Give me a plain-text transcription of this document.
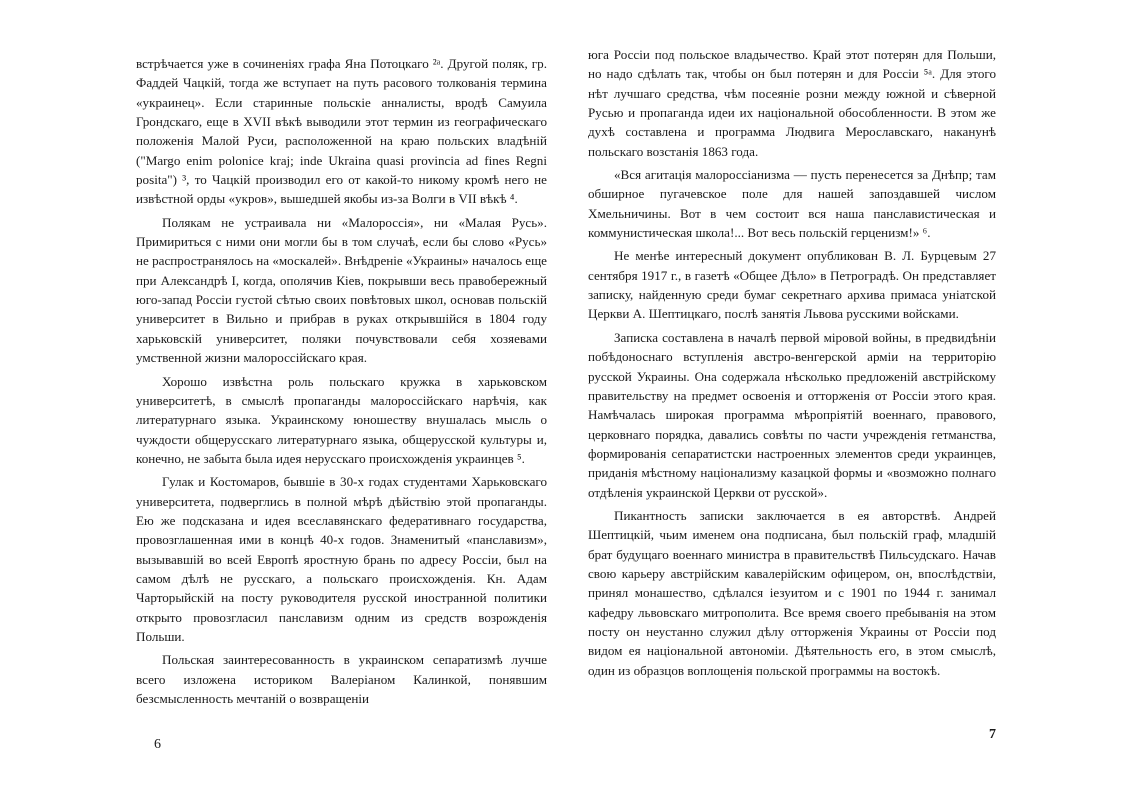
встрѣчается уже в сочиненіях графа Яна Потоцкаго ²ᵃ. Другой поляк, гр. Фаддей Чацкій, тогда же вступает на путь расового толкованія термина «украинец». Если старинные польскіе анналисты, вродѣ Самуила Грондскаго, еще в XVII вѣкѣ выводили этот термин из географическаго положенія Малой Руси, расположенной на краю польских владѣній ("Margo enim polonice kraj; inde Ukraina quasi provincia ad fines Regni posita") ³, то Чацкій производил его от какой-то никому кромѣ него не извѣстной орды «укров», вышедшей якобы из-за Волги в VII вѣкѣ ⁴.

Полякам не устраивала ни «Малороссія», ни «Малая Русь». Примириться с ними они могли бы в том случаѣ, если бы слово «Русь» не распространялось на «москалей». Внѣдреніе «Украины» началось еще при Александрѣ I, когда, ополячив Кіев, покрывши весь правобережный юго-запад Россіи густой сѣтью своих повѣтовых школ, основав польскій университет в Вильно и прибрав в руках открывшійся в 1804 году харьковскій университет, поляки почувствовали себя хозяевами умственной жизни малороссійскаго края.

Хорошо извѣстна роль польскаго кружка в харьковском университетѣ, в смыслѣ пропаганды малороссійскаго нарѣчія, как литературнаго языка. Украинскому юношеству внушалась мысль о чуждости общерусскаго литературнаго языка, общерусской культуры и, конечно, не забыта была идея нерусскаго происхожденія украинцев ⁵.

Гулак и Костомаров, бывшіе в 30-х годах студентами Харьковскаго университета, подверглись в полной мѣрѣ дѣйствію этой пропаганды. Ею же подсказана и идея всеславянскаго федеративнаго государства, провозглашенная ими в концѣ 40-х годов. Знаменитый «панславизм», вызывавшій во всей Европѣ яростную брань по адресу Россіи, был на самом дѣлѣ не русскаго, а польскаго происхожденія. Кн. Адам Чарторыйскій на посту руководителя русской иностранной политики открыто провозгласил панславизм одним из средств возрожденія Польши.

Польская заинтересованность в украинском сепаратизмѣ лучше всего изложена историком Валеріаном Калинкой, понявшим безсмысленность мечтаній о возвращеніи

6

юга Россіи под польское владычество. Край этот потерян для Польши, но надо сдѣлать так, чтобы он был потерян и для Россіи ⁵ᵃ. Для этого нѣт лучшаго средства, чѣм посеяніе розни между южной и сѣверной Русью и пропаганда идеи их національной обособленности. В этом же духѣ составлена и программа Людвига Мерославскаго, наканунѣ польскаго возстанія 1863 года.

«Вся агитація малороссіанизма — пусть перенесется за Днѣпр; там обширное пугачевское поле для нашей запоздавшей числом Хмельничины. Вот в чем состоит вся наша панславистическая и коммунистическая школа!... Вот весь польскій герценизм!» ⁶.

Не менѣе интересный документ опубликован В. Л. Бурцевым 27 сентября 1917 г., в газетѣ «Общее Дѣло» в Петроградѣ. Он представляет записку, найденную среди бумаг секретнаго архива примаса уніатской Церкви А. Шептицкаго, послѣ занятія Львова русскими войсками.

Записка составлена в началѣ первой міровой войны, в предвидѣніи побѣдоноснаго вступленія австро-венгерской арміи на территорію русской Украины. Она содержала нѣсколько предложеній австрійскому правительству на предмет освоенія и отторженія от Россіи этого края. Намѣчалась широкая программа мѣропріятій военнаго, правового, церковнаго порядка, давались совѣты по части учрежденія гетманства, формированія сепаратистски настроенных элементов среди украинцев, приданія мѣстному націонализму казацкой формы и «возможно полнаго отдѣленія украинской Церкви от русской».

Пикантность записки заключается в ея авторствѣ. Андрей Шептицкій, чьим именем она подписана, был польскій граф, младшій брат будущаго военнаго министра в правительствѣ Пильсудскаго. Начав свою карьеру австрійским кавалерійским офицером, он, впослѣдствіи, принял монашество, сдѣлался іезуитом и с 1901 по 1944 г. занимал кафедру львовскаго митрополита. Все время своего пребыванія на этом посту он неустанно служил дѣлу отторженія Украины от Россіи под видом ея національной автономіи. Дѣятельность его, в этом смыслѣ, один из образцов воплощенія польской программы на востокѣ.

7
